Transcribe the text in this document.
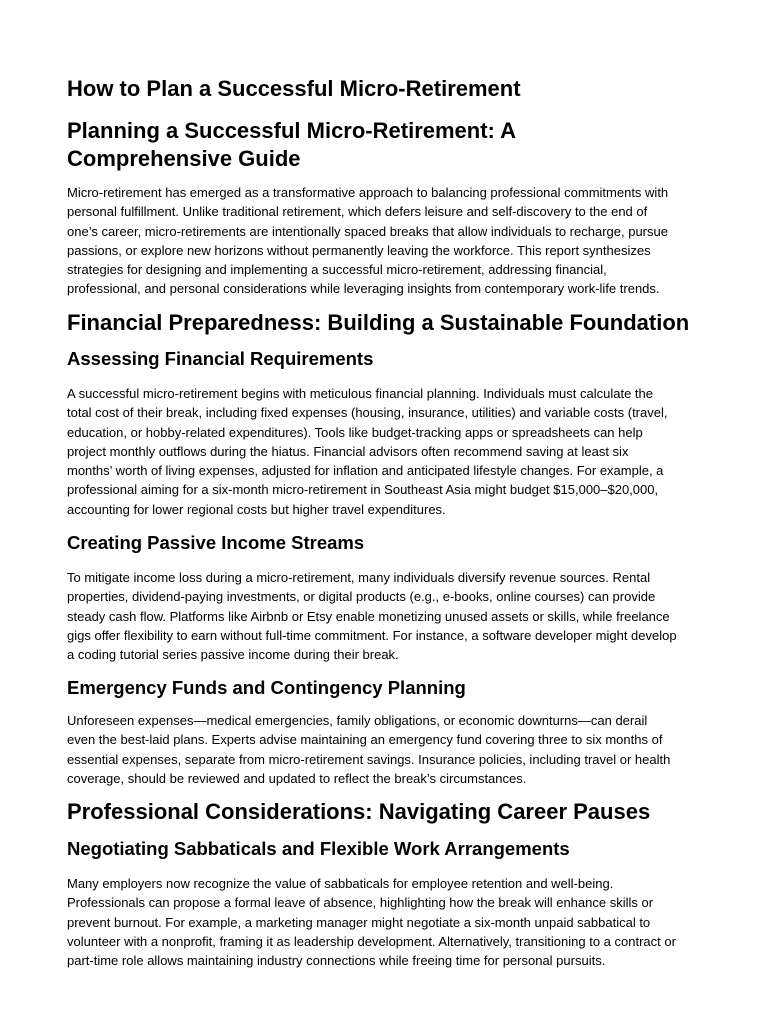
How to Plan a Successful Micro-Retirement
Planning a Successful Micro-Retirement: A
Comprehensive Guide
Micro-retirement has emerged as a transformative approach to balancing professional commitments with
personal fulfillment. Unlike traditional retirement, which defers leisure and self-discovery to the end of
one’s career, micro-retirements are intentionally spaced breaks that allow individuals to recharge, pursue
passions, or explore new horizons without permanently leaving the workforce. This report synthesizes
strategies for designing and implementing a successful micro-retirement, addressing financial,
professional, and personal considerations while leveraging insights from contemporary work-life trends.
Financial Preparedness: Building a Sustainable Foundation
Assessing Financial Requirements
A successful micro-retirement begins with meticulous financial planning. Individuals must calculate the
total cost of their break, including fixed expenses (housing, insurance, utilities) and variable costs (travel,
education, or hobby-related expenditures). Tools like budget-tracking apps or spreadsheets can help
project monthly outflows during the hiatus. Financial advisors often recommend saving at least six
months’ worth of living expenses, adjusted for inflation and anticipated lifestyle changes. For example, a
professional aiming for a six-month micro-retirement in Southeast Asia might budget $15,000–$20,000,
accounting for lower regional costs but higher travel expenditures.
Creating Passive Income Streams
To mitigate income loss during a micro-retirement, many individuals diversify revenue sources. Rental
properties, dividend-paying investments, or digital products (e.g., e-books, online courses) can provide
steady cash flow. Platforms like Airbnb or Etsy enable monetizing unused assets or skills, while freelance
gigs offer flexibility to earn without full-time commitment. For instance, a software developer might develop
a coding tutorial series passive income during their break.
Emergency Funds and Contingency Planning
Unforeseen expenses—medical emergencies, family obligations, or economic downturns—can derail
even the best-laid plans. Experts advise maintaining an emergency fund covering three to six months of
essential expenses, separate from micro-retirement savings. Insurance policies, including travel or health
coverage, should be reviewed and updated to reflect the break’s circumstances.
Professional Considerations: Navigating Career Pauses
Negotiating Sabbaticals and Flexible Work Arrangements
Many employers now recognize the value of sabbaticals for employee retention and well-being.
Professionals can propose a formal leave of absence, highlighting how the break will enhance skills or
prevent burnout. For example, a marketing manager might negotiate a six-month unpaid sabbatical to
volunteer with a nonprofit, framing it as leadership development. Alternatively, transitioning to a contract or
part-time role allows maintaining industry connections while freeing time for personal pursuits.
